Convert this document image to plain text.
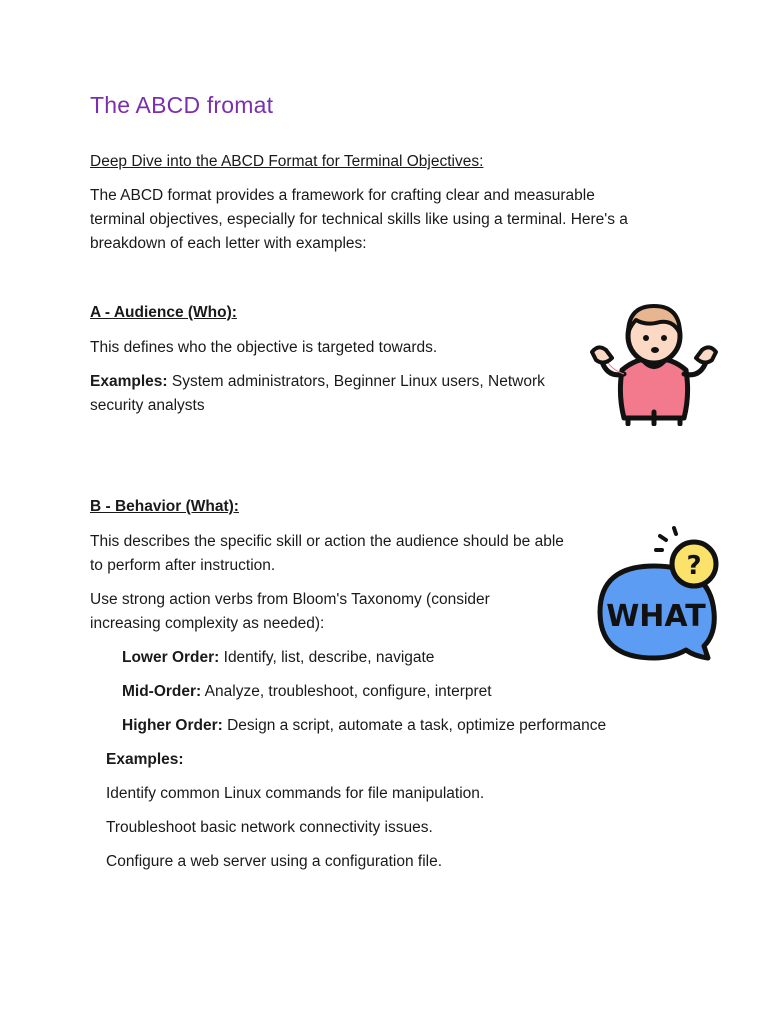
The ABCD fromat

Deep Dive into the ABCD Format for Terminal Objectives:

The ABCD format provides a framework for crafting clear and measurable

terminal objectives, especially for technical skills like using a terminal. Here's a

breakdown of each letter with examples:

A - Audience (Who):

This defines who the objective is targeted towards.

Examples: System administrators, Beginner Linux users, Network

security analysts

B - Behavior (What):

This describes the specific skill or action the audience should be able

to perform after instruction.

Use strong action verbs from Bloom's Taxonomy (consider

increasing complexity as needed):

Lower Order: Identify, list, describe, navigate

Mid-Order: Analyze, troubleshoot, configure, interpret

Higher Order: Design a script, automate a task, optimize performance

Examples:

Identify common Linux commands for file manipulation.

Troubleshoot basic network connectivity issues.

Configure a web server using a configuration file.

WHAT
?
